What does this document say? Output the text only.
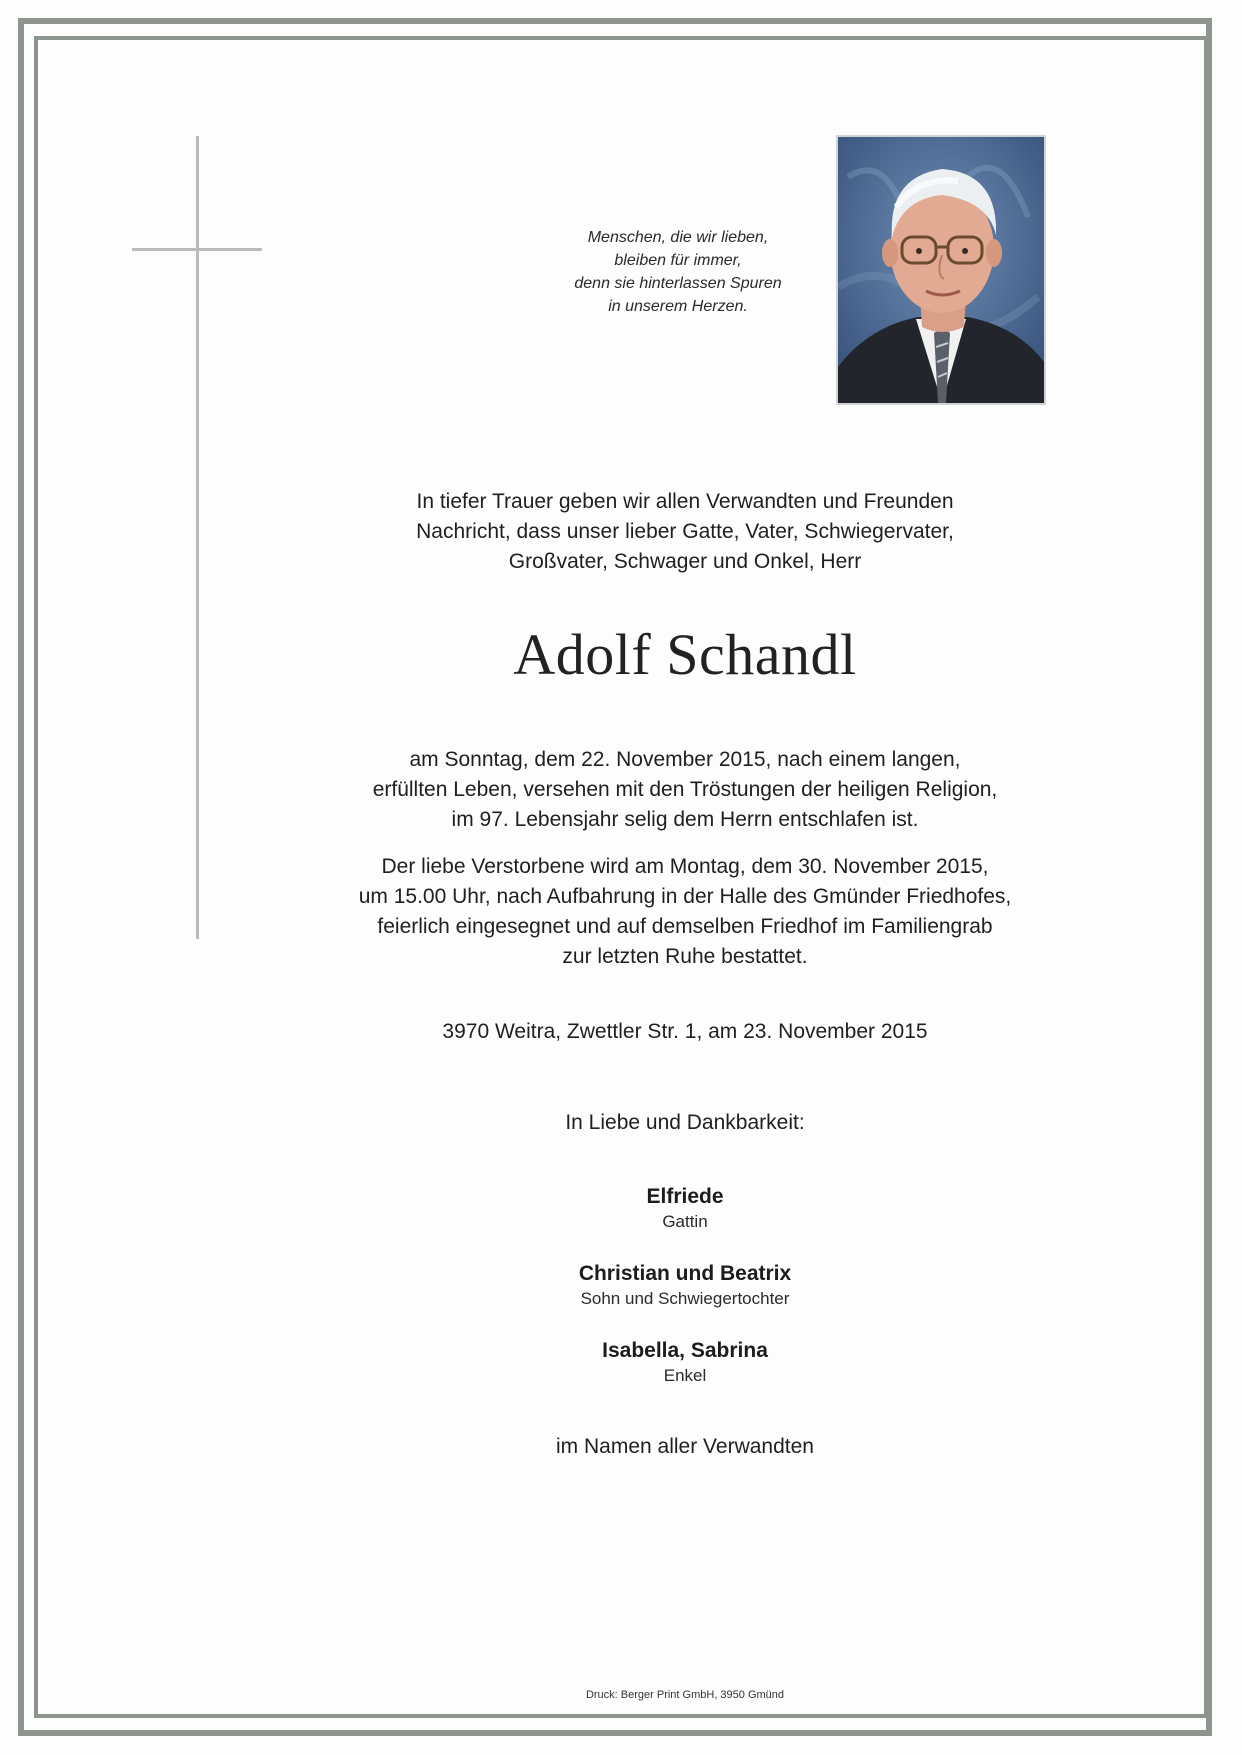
Menschen, die wir lieben,
bleiben für immer,
denn sie hinterlassen Spuren
in unserem Herzen.
In tiefer Trauer geben wir allen Verwandten und Freunden
Nachricht, dass unser lieber Gatte, Vater, Schwiegervater,
Großvater, Schwager und Onkel, Herr
Adolf Schandl
am Sonntag, dem 22. November 2015, nach einem langen,
erfüllten Leben, versehen mit den Tröstungen der heiligen Religion,
im 97. Lebensjahr selig dem Herrn entschlafen ist.
Der liebe Verstorbene wird am Montag, dem 30. November 2015,
um 15.00 Uhr, nach Aufbahrung in der Halle des Gmünder Friedhofes,
feierlich eingesegnet und auf demselben Friedhof im Familiengrab
zur letzten Ruhe bestattet.
3970 Weitra, Zwettler Str. 1, am 23. November 2015
In Liebe und Dankbarkeit:
Elfriede
Gattin
Christian und Beatrix
Sohn und Schwiegertochter
Isabella, Sabrina
Enkel
im Namen aller Verwandten
Druck: Berger Print GmbH, 3950 Gmünd
